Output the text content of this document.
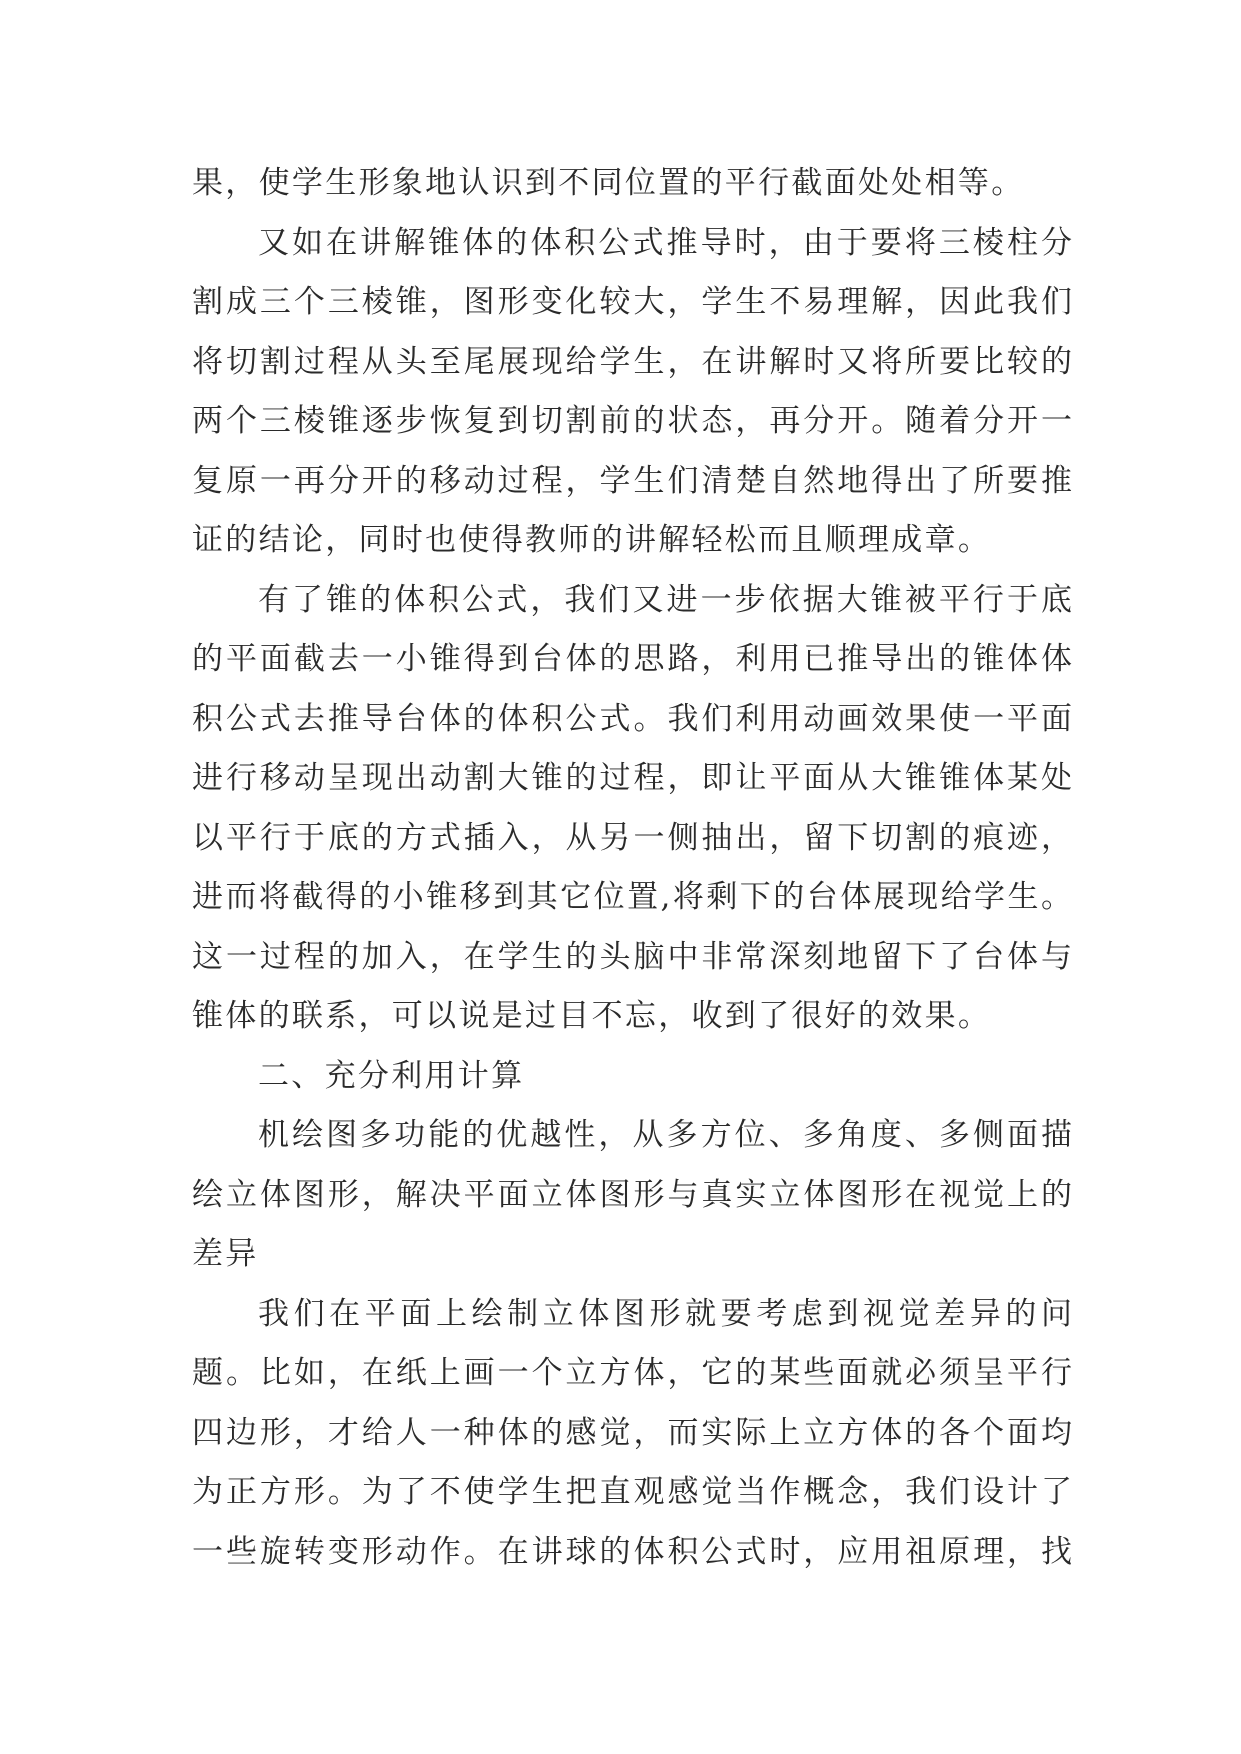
果，使学生形象地认识到不同位置的平行截面处处相等。
又如在讲解锥体的体积公式推导时，由于要将三棱柱分
割成三个三棱锥，图形变化较大，学生不易理解，因此我们
将切割过程从头至尾展现给学生，在讲解时又将所要比较的
两个三棱锥逐步恢复到切割前的状态，再分开。随着分开一
复原一再分开的移动过程，学生们清楚自然地得出了所要推
证的结论，同时也使得教师的讲解轻松而且顺理成章。
有了锥的体积公式，我们又进一步依据大锥被平行于底
的平面截去一小锥得到台体的思路，利用已推导出的锥体体
积公式去推导台体的体积公式。我们利用动画效果使一平面
进行移动呈现出动割大锥的过程，即让平面从大锥锥体某处
以平行于底的方式插入，从另一侧抽出，留下切割的痕迹，
进而将截得的小锥移到其它位置,将剩下的台体展现给学生。
这一过程的加入，在学生的头脑中非常深刻地留下了台体与
锥体的联系，可以说是过目不忘，收到了很好的效果。
二、充分利用计算
机绘图多功能的优越性，从多方位、多角度、多侧面描
绘立体图形，解决平面立体图形与真实立体图形在视觉上的
差异
我们在平面上绘制立体图形就要考虑到视觉差异的问
题。比如，在纸上画一个立方体，它的某些面就必须呈平行
四边形，才给人一种体的感觉，而实际上立方体的各个面均
为正方形。为了不使学生把直观感觉当作概念，我们设计了
一些旋转变形动作。在讲球的体积公式时，应用祖原理，找
